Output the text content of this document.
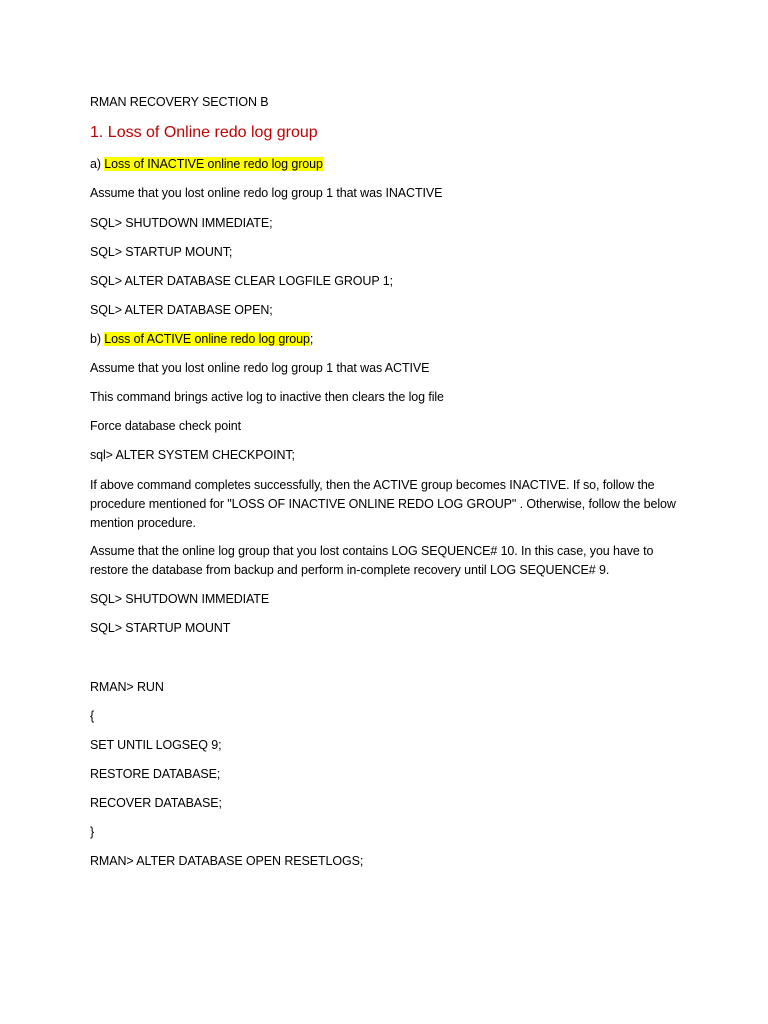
RMAN RECOVERY SECTION B
1. Loss of Online redo log group
a) Loss of INACTIVE online redo log group
Assume that you lost online redo log group 1 that was INACTIVE
SQL> SHUTDOWN IMMEDIATE;
SQL> STARTUP MOUNT;
SQL> ALTER DATABASE CLEAR LOGFILE GROUP 1;
SQL> ALTER DATABASE OPEN;
b) Loss of ACTIVE online redo log group;
Assume that you lost online redo log group 1 that was ACTIVE
This command brings active log to inactive then clears the log file
Force database check point
sql> ALTER SYSTEM CHECKPOINT;
If above command completes successfully, then the ACTIVE group becomes INACTIVE. If so, follow the procedure mentioned for "LOSS OF INACTIVE ONLINE REDO LOG GROUP" . Otherwise, follow the below mention procedure.
Assume that the online log group that you lost contains LOG SEQUENCE# 10. In this case, you have to restore the database from backup and perform in-complete recovery until LOG SEQUENCE# 9.
SQL> SHUTDOWN IMMEDIATE
SQL> STARTUP MOUNT
RMAN> RUN
{
SET UNTIL LOGSEQ 9;
RESTORE DATABASE;
RECOVER DATABASE;
}
RMAN> ALTER DATABASE OPEN RESETLOGS;
